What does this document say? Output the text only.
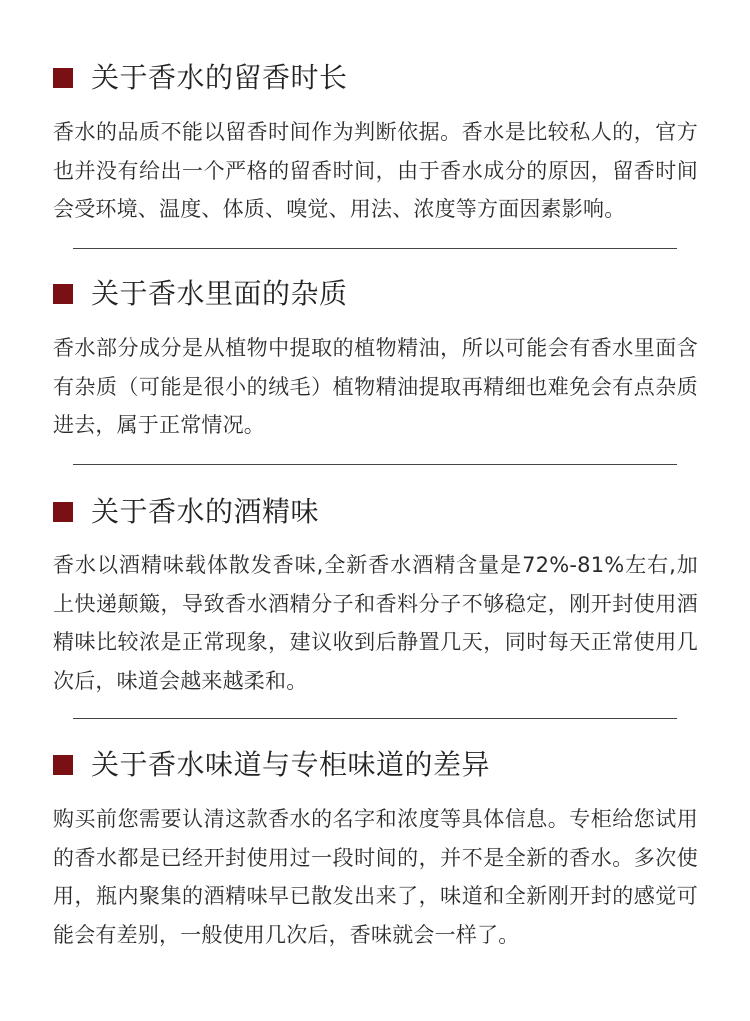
关于香水的留香时长

香水的品质不能以留香时间作为判断依据。香水是比较私人的，官方也并没有给出一个严格的留香时间，由于香水成分的原因，留香时间会受环境、温度、体质、嗅觉、用法、浓度等方面因素影响。

关于香水里面的杂质

香水部分成分是从植物中提取的植物精油，所以可能会有香水里面含有杂质（可能是很小的绒毛）植物精油提取再精细也难免会有点杂质进去，属于正常情况。

关于香水的酒精味

香水以酒精味载体散发香味,全新香水酒精含量是72%-81%左右,加上快递颠簸，导致香水酒精分子和香料分子不够稳定，刚开封使用酒精味比较浓是正常现象，建议收到后静置几天，同时每天正常使用几次后，味道会越来越柔和。

关于香水味道与专柜味道的差异

购买前您需要认清这款香水的名字和浓度等具体信息。专柜给您试用的香水都是已经开封使用过一段时间的，并不是全新的香水。多次使用，瓶内聚集的酒精味早已散发出来了，味道和全新刚开封的感觉可能会有差别，一般使用几次后，香味就会一样了。
